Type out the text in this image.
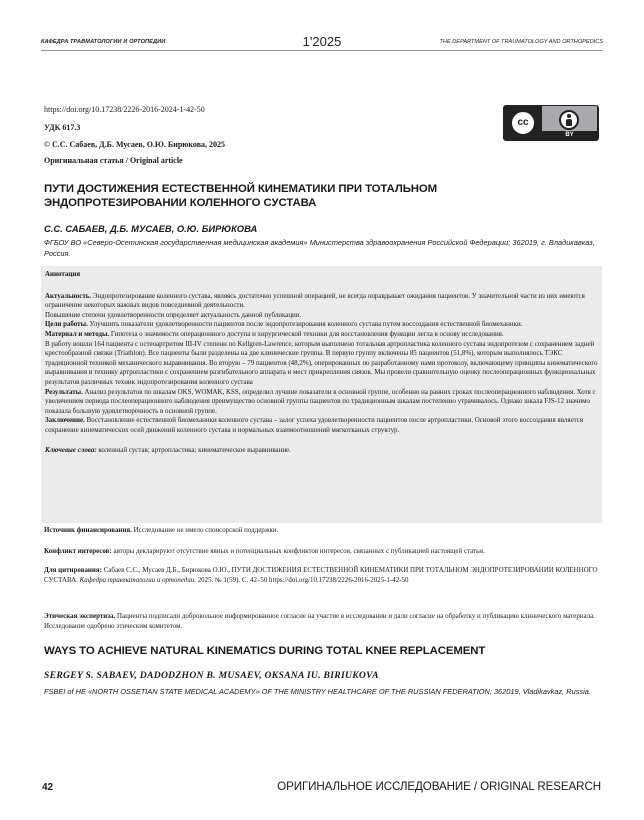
КАФЕДРА ТРАВМАТОЛОГИИ И ОРТОПЕДИИ	1'2025	THE DEPARTMENT OF TRAUMATOLOGY AND ORTHOPEDICS
https://doi.org/10.17238/2226-2016-2024-1-42-50
УДК 617.3
© С.С. Сабаев, Д.Б. Мусаев, О.Ю. Бирюкова, 2025
Оригинальная статья / Original article
cc
BY
ПУТИ ДОСТИЖЕНИЯ ЕСТЕСТВЕННОЙ КИНЕМАТИКИ ПРИ ТОТАЛЬНОМ ЭНДОПРОТЕЗИРОВАНИИ КОЛЕННОГО СУСТАВА
С.С. САБАЕВ, Д.Б. МУСАЕВ, О.Ю. БИРЮКОВА
ФГБОУ ВО «Северо-Осетинская государственная медицинская академия» Министерства здравоохранения Российской Федерации; 362019, г. Владикавказ, Россия.

Аннотация

Актуальность. Эндопротезирование коленного сустава, являясь достаточно успешной операцией, не всегда оправдывает ожидания пациентов. У значительной части из них имеются ограничение некоторых важных видов повседневной деятельности.

Повышение степени удовлетворенности определяет актуальность данной публикации.

Цели работы. Улучшить показатели удовлетворенности пациентов после эндопротезирования коленного сустава путем воссоздания естественной биомеханики.

Материал и методы. Гипотеза о значимости операционного доступа и хирургической техники для восстановления функции легла в основу исследования.

В работу вошли 164 пациента с остеоартритом III-IV степени по Kellgren-Lawrence, которым выполнено тотальная артропластика коленного сустава эндопротезом с сохранением задней крестообразной связки (Triathlon). Все пациенты были разделены на две клинические группы. В первую группу включены 85 пациентов (51,8%), которым выполнялось ТЭКС традиционной техникой механического выравнивания. Во вторую – 79 пациентов (48,2%), оперированных по разработанному нами протоколу, включающему принципы кинематического выравнивания и технику артропластики с сохранением разгибательного аппарата и мест прикрепления связок. Мы провели сравнительную оценку послеоперационных функциональных результатов различных техник эндопротезирования коленного сустава

Результаты. Анализ результатов по шкалам OKS, WOMAK, KSS, определил лучшие показатели в основной группе, особенно на ранних сроках послеоперационного наблюдения. Хотя с увеличением периода послеоперационного наблюдения преимущество основной группы пациентов по традиционным шкалам постепенно утрачивалось. Однако шкала FJS-12 значимо показала большую удовлетворенность в основной группе.

Заключение. Восстановление естественной биомеханики коленного сустава – залог успеха удовлетворенности пациентов после артропластики. Основой этого воссоздания является сохранение кинематических осей движений коленного сустава и нормальных взаимоотношений мягкотканых структур.

Ключевые слова: коленный сустав; артропластика; кинематическое выравнивание.

Источник финансирования. Исследование не имело спонсорской поддержки.
Конфликт интересов: авторы декларируют отсутствие явных и потенциальных конфликтов интересов, связанных с публикацией настоящей статьи.
Для цитирования: Сабаев С.С., Мусаев Д.Б., Бирюкова О.Ю., ПУТИ ДОСТИЖЕНИЯ ЕСТЕСТВЕННОЙ КИНЕМАТИКИ ПРИ ТОТАЛЬНОМ ЭНДОПРОТЕЗИРОВАНИИ КОЛЕННОГО СУСТАВА. Кафедра травматологии и ортопедии. 2025. № 1(59). С. 42–50 https://doi.org/10.17238/2226-2016-2025-1-42-50
Этическая экспертиза. Пациенты подписали добровольное информированное согласие на участие в исследовании и дали согласие на обработку и публикацию клинического материала. Исследование одобрено этическим комитетом.
WAYS TO ACHIEVE NATURAL KINEMATICS DURING TOTAL KNEE REPLACEMENT
SERGEY S. SABAEV, DADODZHON B. MUSAEV, OKSANA IU. BIRIUKOVA
FSBEI of HE «NORTH OSSETIAN STATE MEDICAL ACADEMY» OF THE MINISTRY HEALTHCARE OF THE RUSSIAN FEDERATION; 362019, Vladikavkaz, Russia.
42	ОРИГИНАЛЬНОЕ ИССЛЕДОВАНИЕ / ORIGINAL RESEARCH
